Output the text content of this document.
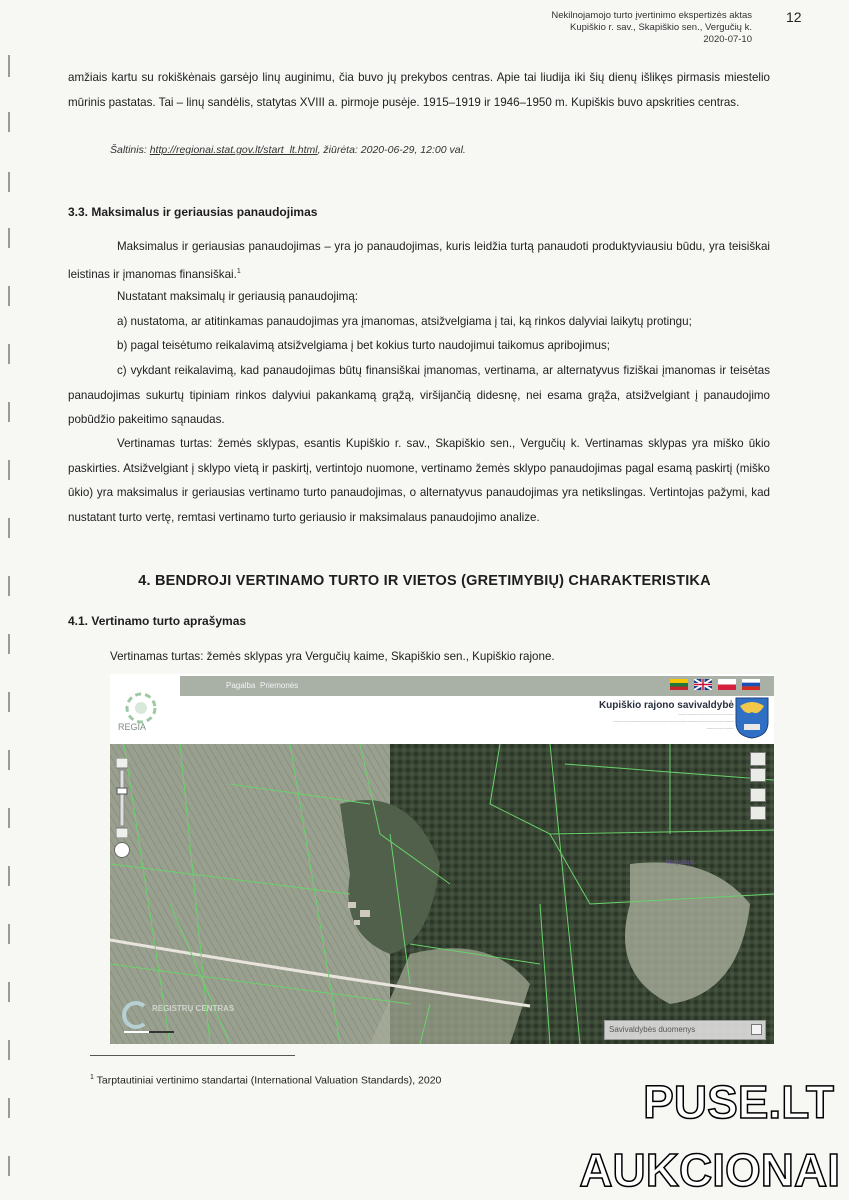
Nekilnojamojo turto įvertinimo ekspertizės aktas
Kupiškio r. sav., Skapiškio sen., Vergučių k.
2020-07-10
12

amžiais kartu su rokiškėnais garsėjo linų auginimu, čia buvo jų prekybos centras. Apie tai liudija iki šių dienų išlikęs pirmasis miestelio mūrinis pastatas. Tai – linų sandėlis, statytas XVIII a. pirmoje pusėje. 1915–1919 ir 1946–1950 m. Kupiškis buvo apskrities centras.

Šaltinis: http://regionai.stat.gov.lt/start_lt.html, žiūrėta: 2020-06-29, 12:00 val.
3.3. Maksimalus ir geriausias panaudojimas

Maksimalus ir geriausias panaudojimas – yra jo panaudojimas, kuris leidžia turtą panaudoti produktyviausiu būdu, yra teisiškai leistinas ir įmanomas finansiškai.$^1$

Nustatant maksimalų ir geriausią panaudojimą:

a) nustatoma, ar atitinkamas panaudojimas yra įmanomas, atsižvelgiama į tai, ką rinkos dalyviai laikytų protingu;

b) pagal teisėtumo reikalavimą atsižvelgiama į bet kokius turto naudojimui taikomus apribojimus;

c) vykdant reikalavimą, kad panaudojimas būtų finansiškai įmanomas, vertinama, ar alternatyvus fiziškai įmanomas ir teisėtas panaudojimas sukurtų tipiniam rinkos dalyviui pakankamą grąžą, viršijančią didesnę, nei esama grąža, atsižvelgiant į panaudojimo pobūdžio pakeitimo sąnaudas.

Vertinamas turtas: žemės sklypas, esantis Kupiškio r. sav., Skapiškio sen., Vergučių k. Vertinamas sklypas yra miško ūkio paskirties. Atsižvelgiant į sklypo vietą ir paskirtį, vertintojo nuomone, vertinamo žemės sklypo panaudojimas pagal esamą paskirtį (miško ūkio) yra maksimalus ir geriausias vertinamo turto panaudojimas, o alternatyvus panaudojimas yra netikslingas. Vertintojas pažymi, kad nustatant turto vertę, remtasi vertinamo turto geriausio ir maksimalaus panaudojimo analize.

4. BENDROJI VERTINAMO TURTO IR VIETOS (GRETIMYBIŲ) CHARAKTERISTIKA
4.1. Vertinamo turto aprašymas

Vertinamas turtas: žemės sklypas yra Vergučių kaime, Skapiškio sen., Kupiškio rajone.

Pagalba Priemonės
REGIA
Kupiškio rajono savivaldybė
⸺⸺⸺⸺⸺⸺
⸺⸺⸺⸺⸺⸺⸺⸺⸺⸺⸺⸺⸺
⸺⸺⸺
Vergučių k.
REGISTRŲ CENTRAS
Savivaldybės duomenys
$^1$ Tarptautiniai vertinimo standartai (International Valuation Standards), 2020	PUSE.LT
AUKCIONAI
